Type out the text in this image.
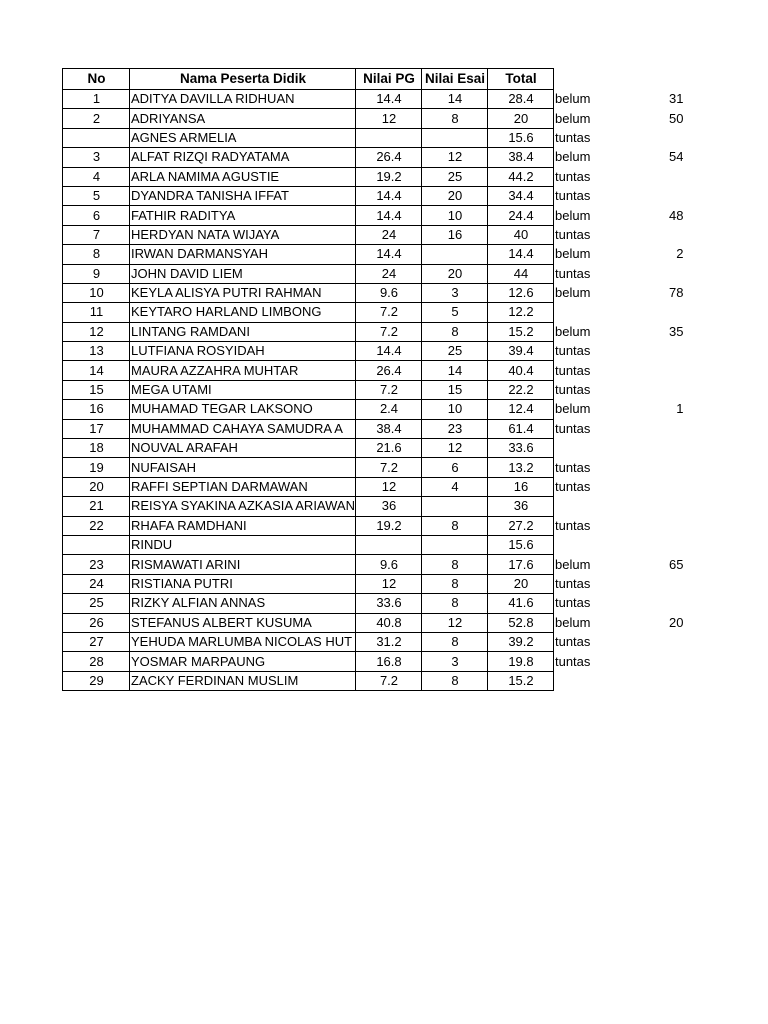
No	Nama Peserta Didik	Nilai PG	Nilai Esai	Total		
1	ADITYA DAVILLA RIDHUAN	14.4	14	28.4	belum	31
2	ADRIYANSA	12	8	20	belum	50
	AGNES ARMELIA			15.6	tuntas	
3	ALFAT RIZQI RADYATAMA	26.4	12	38.4	belum	54
4	ARLA NAMIMA AGUSTIE	19.2	25	44.2	tuntas	
5	DYANDRA TANISHA IFFAT	14.4	20	34.4	tuntas	
6	FATHIR RADITYA	14.4	10	24.4	belum	48
7	HERDYAN NATA WIJAYA	24	16	40	tuntas	
8	IRWAN DARMANSYAH	14.4		14.4	belum	2
9	JOHN DAVID LIEM	24	20	44	tuntas	
10	KEYLA ALISYA PUTRI RAHMAN	9.6	3	12.6	belum	78
11	KEYTARO HARLAND LIMBONG	7.2	5	12.2		
12	LINTANG RAMDANI	7.2	8	15.2	belum	35
13	LUTFIANA ROSYIDAH	14.4	25	39.4	tuntas	
14	MAURA AZZAHRA MUHTAR	26.4	14	40.4	tuntas	
15	MEGA UTAMI	7.2	15	22.2	tuntas	
16	MUHAMAD TEGAR LAKSONO	2.4	10	12.4	belum	1
17	MUHAMMAD CAHAYA SAMUDRA A	38.4	23	61.4	tuntas	
18	NOUVAL ARAFAH	21.6	12	33.6		
19	NUFAISAH	7.2	6	13.2	tuntas	
20	RAFFI SEPTIAN DARMAWAN	12	4	16	tuntas	
21	REISYA SYAKINA AZKASIA ARIAWAN	36		36		
22	RHAFA RAMDHANI	19.2	8	27.2	tuntas	
	RINDU			15.6		
23	RISMAWATI ARINI	9.6	8	17.6	belum	65
24	RISTIANA PUTRI	12	8	20	tuntas	
25	RIZKY ALFIAN ANNAS	33.6	8	41.6	tuntas	
26	STEFANUS ALBERT KUSUMA	40.8	12	52.8	belum	20
27	YEHUDA MARLUMBA NICOLAS HUT	31.2	8	39.2	tuntas	
28	YOSMAR MARPAUNG	16.8	3	19.8	tuntas	
29	ZACKY FERDINAN MUSLIM	7.2	8	15.2		
